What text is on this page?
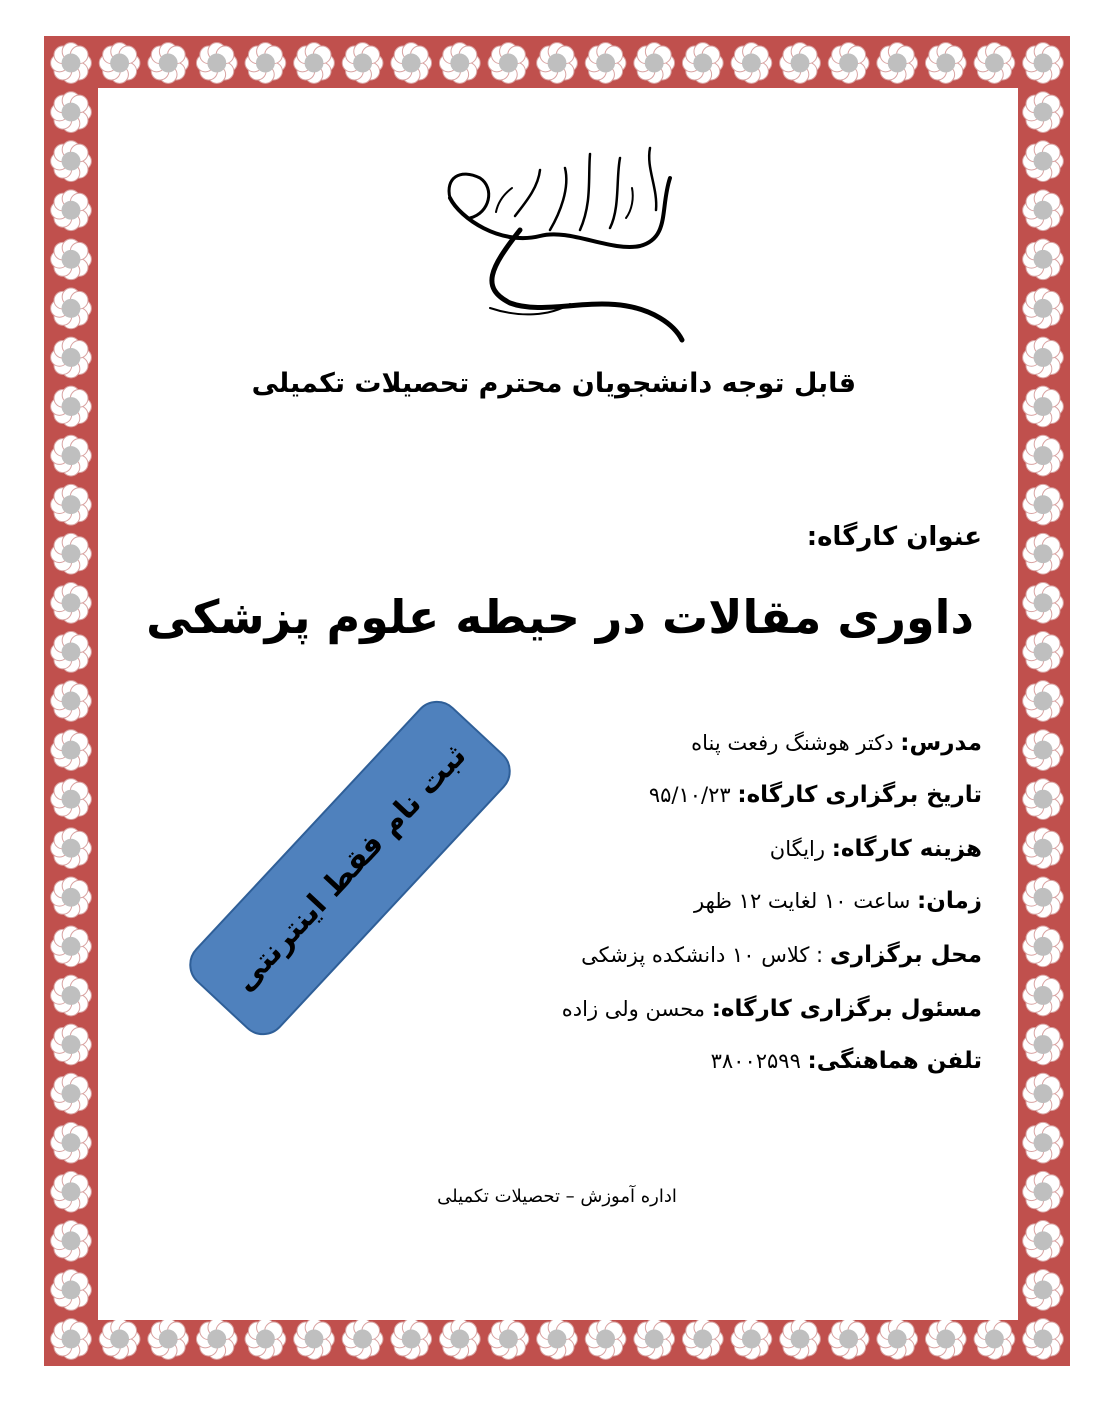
بسم الله الرحمن الرحیم
قابل توجه دانشجویان محترم تحصیلات تکمیلی
عنوان کارگاه:
داوری مقالات در حیطه علوم پزشکی
مدرس: دکتر هوشنگ رفعت پناه
تاریخ برگزاری کارگاه: ۹۵/۱۰/۲۳
هزینه کارگاه: رایگان
زمان: ساعت ۱۰ لغایت ۱۲ ظهر
محل برگزاری : کلاس ۱۰ دانشکده پزشکی
مسئول برگزاری کارگاه: محسن ولی زاده
تلفن هماهنگی: ۳۸۰۰۲۵۹۹
ثبت نام فقط اینترنتی
اداره آموزش – تحصیلات تکمیلی
